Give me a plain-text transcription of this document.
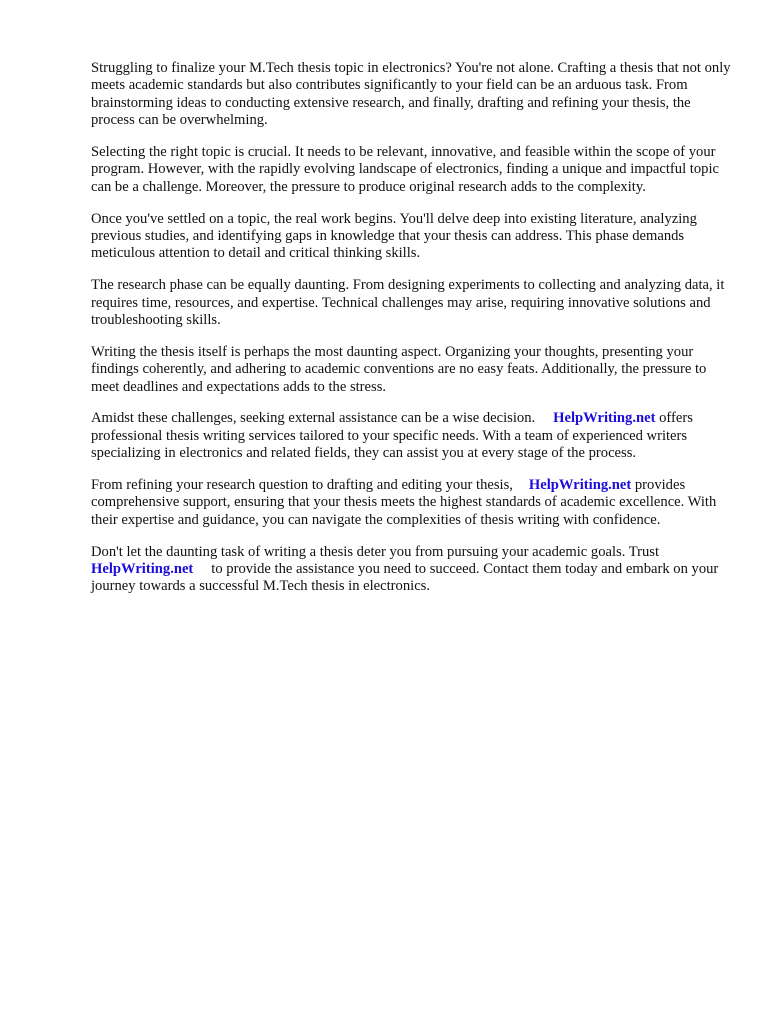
Struggling to finalize your M.Tech thesis topic in electronics? You're not alone. Crafting a thesis that not only meets academic standards but also contributes significantly to your field can be an arduous task. From brainstorming ideas to conducting extensive research, and finally, drafting and refining your thesis, the process can be overwhelming.

Selecting the right topic is crucial. It needs to be relevant, innovative, and feasible within the scope of your program. However, with the rapidly evolving landscape of electronics, finding a unique and impactful topic can be a challenge. Moreover, the pressure to produce original research adds to the complexity.

Once you've settled on a topic, the real work begins. You'll delve deep into existing literature, analyzing previous studies, and identifying gaps in knowledge that your thesis can address. This phase demands meticulous attention to detail and critical thinking skills.

The research phase can be equally daunting. From designing experiments to collecting and analyzing data, it requires time, resources, and expertise. Technical challenges may arise, requiring innovative solutions and troubleshooting skills.

Writing the thesis itself is perhaps the most daunting aspect. Organizing your thoughts, presenting your findings coherently, and adhering to academic conventions are no easy feats. Additionally, the pressure to meet deadlines and expectations adds to the stress.

Amidst these challenges, seeking external assistance can be a wise decision. HelpWriting.net offers professional thesis writing services tailored to your specific needs. With a team of experienced writers specializing in electronics and related fields, they can assist you at every stage of the process.

From refining your research question to drafting and editing your thesis, HelpWriting.net provides comprehensive support, ensuring that your thesis meets the highest standards of academic excellence. With their expertise and guidance, you can navigate the complexities of thesis writing with confidence.

Don't let the daunting task of writing a thesis deter you from pursuing your academic goals. Trust HelpWriting.net to provide the assistance you need to succeed. Contact them today and embark on your journey towards a successful M.Tech thesis in electronics.
